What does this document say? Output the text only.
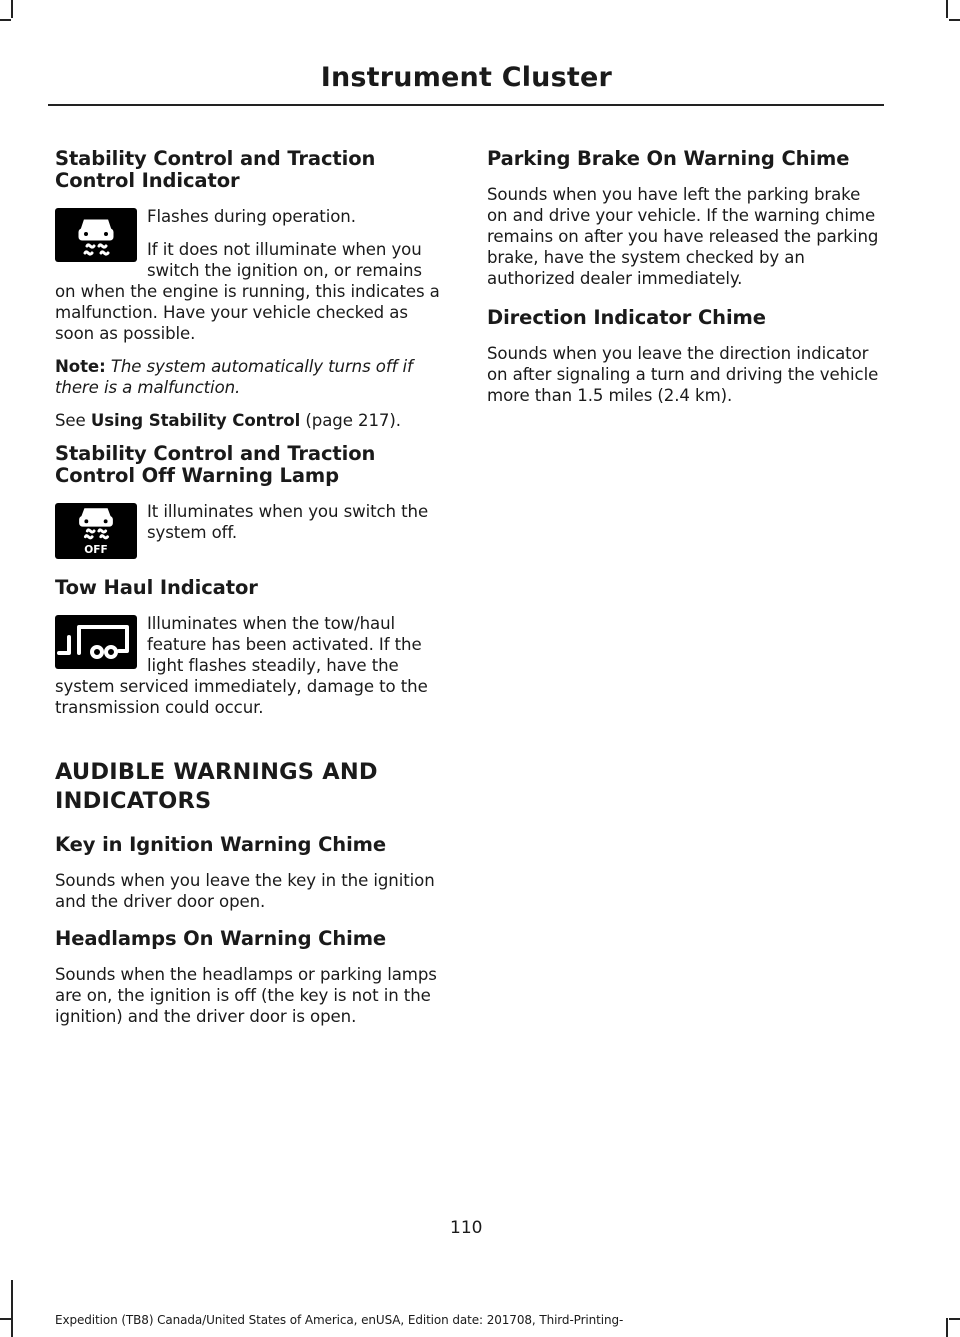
Instrument Cluster
Stability Control and Traction Control Indicator

Flashes during operation.

If it does not illuminate when you switch the ignition on, or remains on when the engine is running, this indicates a malfunction. Have your vehicle checked as soon as possible.

Note: The system automatically turns off if there is a malfunction.

See Using Stability Control (page 217).

Stability Control and Traction Control Off Warning Lamp
OFF

It illuminates when you switch the system off.

Tow Haul Indicator

Illuminates when the tow/haul feature has been activated. If the light flashes steadily, have the system serviced immediately, damage to the transmission could occur.

AUDIBLE WARNINGS AND
INDICATORS
Key in Ignition Warning Chime

Sounds when you leave the key in the ignition and the driver door open.

Headlamps On Warning Chime

Sounds when the headlamps or parking lamps are on, the ignition is off (the key is not in the ignition) and the driver door is open.

Parking Brake On Warning Chime

Sounds when you have left the parking brake on and drive your vehicle. If the warning chime remains on after you have released the parking brake, have the system checked by an authorized dealer immediately.

Direction Indicator Chime

Sounds when you leave the direction indicator on after signaling a turn and driving the vehicle more than 1.5 miles (2.4 km).

110
Expedition (TB8) Canada/United States of America, enUSA, Edition date: 201708, Third-Printing-
